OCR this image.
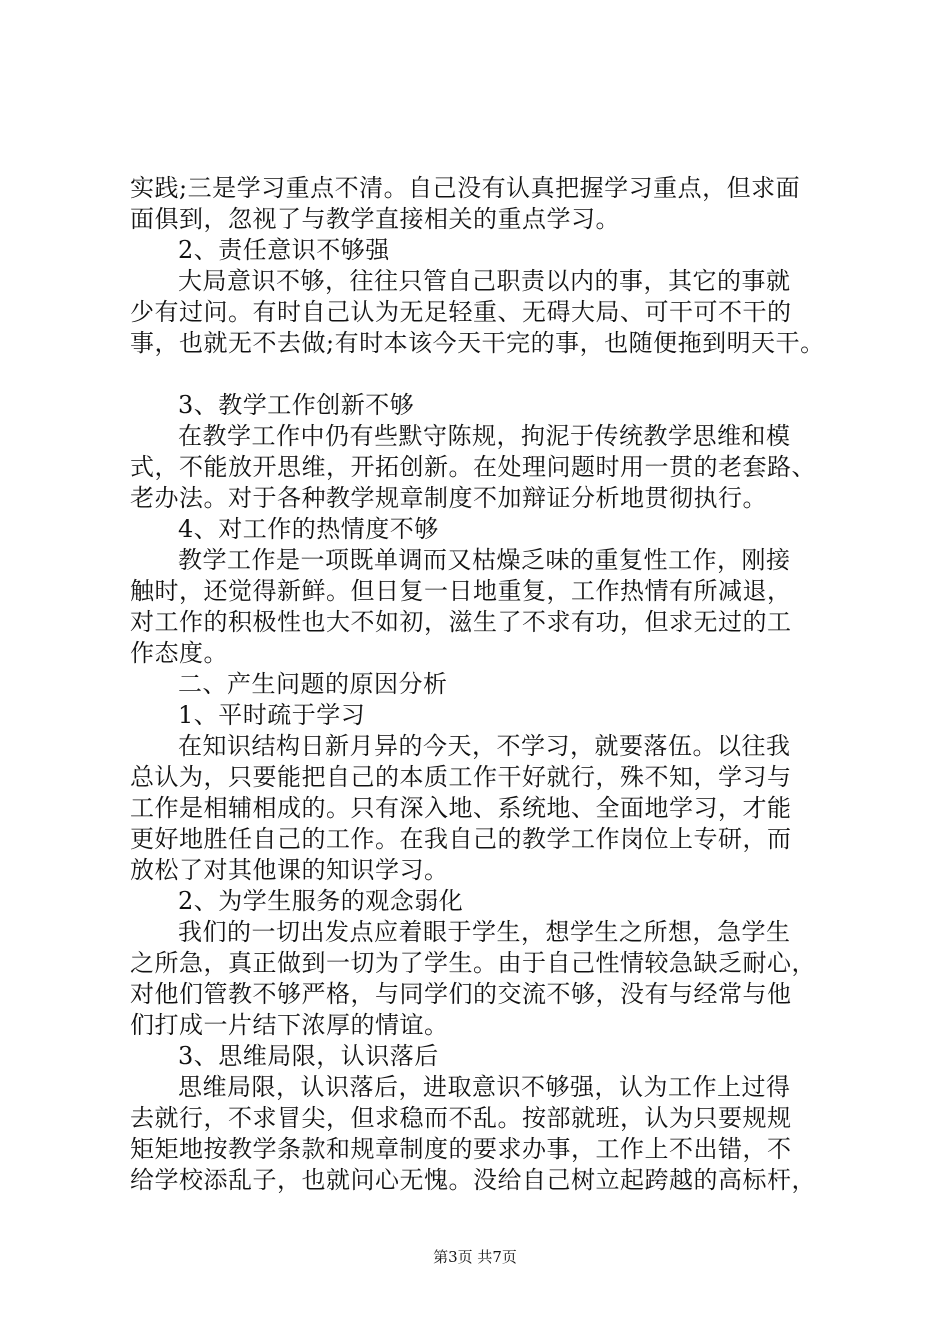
实践;三是学习重点不清。自己没有认真把握学习重点，但求面
面俱到，忽视了与教学直接相关的重点学习。
2、责任意识不够强
大局意识不够，往往只管自己职责以内的事，其它的事就
少有过问。有时自己认为无足轻重、无碍大局、可干可不干的
事，也就无不去做;有时本该今天干完的事，也随便拖到明天干。
3、教学工作创新不够
在教学工作中仍有些默守陈规，拘泥于传统教学思维和模
式，不能放开思维，开拓创新。在处理问题时用一贯的老套路、
老办法。对于各种教学规章制度不加辩证分析地贯彻执行。
4、对工作的热情度不够
教学工作是一项既单调而又枯燥乏味的重复性工作，刚接
触时，还觉得新鲜。但日复一日地重复，工作热情有所减退，
对工作的积极性也大不如初，滋生了不求有功，但求无过的工
作态度。
二、产生问题的原因分析
1、平时疏于学习
在知识结构日新月异的今天，不学习，就要落伍。以往我
总认为，只要能把自己的本质工作干好就行，殊不知，学习与
工作是相辅相成的。只有深入地、系统地、全面地学习，才能
更好地胜任自己的工作。在我自己的教学工作岗位上专研，而
放松了对其他课的知识学习。
2、为学生服务的观念弱化
我们的一切出发点应着眼于学生，想学生之所想，急学生
之所急，真正做到一切为了学生。由于自己性情较急缺乏耐心，
对他们管教不够严格，与同学们的交流不够，没有与经常与他
们打成一片结下浓厚的情谊。
3、思维局限，认识落后
思维局限，认识落后，进取意识不够强，认为工作上过得
去就行，不求冒尖，但求稳而不乱。按部就班，认为只要规规
矩矩地按教学条款和规章制度的要求办事，工作上不出错，不
给学校添乱子，也就问心无愧。没给自己树立起跨越的高标杆，
第3页 共7页
